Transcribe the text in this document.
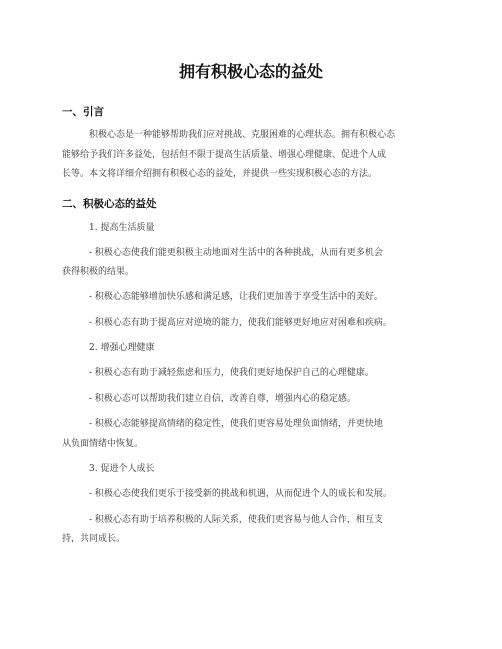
拥有积极心态的益处
一、引言
积极心态是一种能够帮助我们应对挑战、克服困难的心理状态。拥有积极心态
能够给予我们许多益处，包括但不限于提高生活质量、增强心理健康、促进个人成
长等。本文将详细介绍拥有积极心态的益处，并提供一些实现积极心态的方法。
二、积极心态的益处
1. 提高生活质量
- 积极心态使我们能更积极主动地面对生活中的各种挑战，从而有更多机会
获得积极的结果。
- 积极心态能够增加快乐感和满足感，让我们更加善于享受生活中的美好。
- 积极心态有助于提高应对逆境的能力，使我们能够更好地应对困难和疾病。
2. 增强心理健康
- 积极心态有助于减轻焦虑和压力，使我们更好地保护自己的心理健康。
- 积极心态可以帮助我们建立自信，改善自尊，增强内心的稳定感。
- 积极心态能够提高情绪的稳定性，使我们更容易处理负面情绪，并更快地
从负面情绪中恢复。
3. 促进个人成长
- 积极心态使我们更乐于接受新的挑战和机遇，从而促进个人的成长和发展。
- 积极心态有助于培养积极的人际关系，使我们更容易与他人合作，相互支
持，共同成长。
